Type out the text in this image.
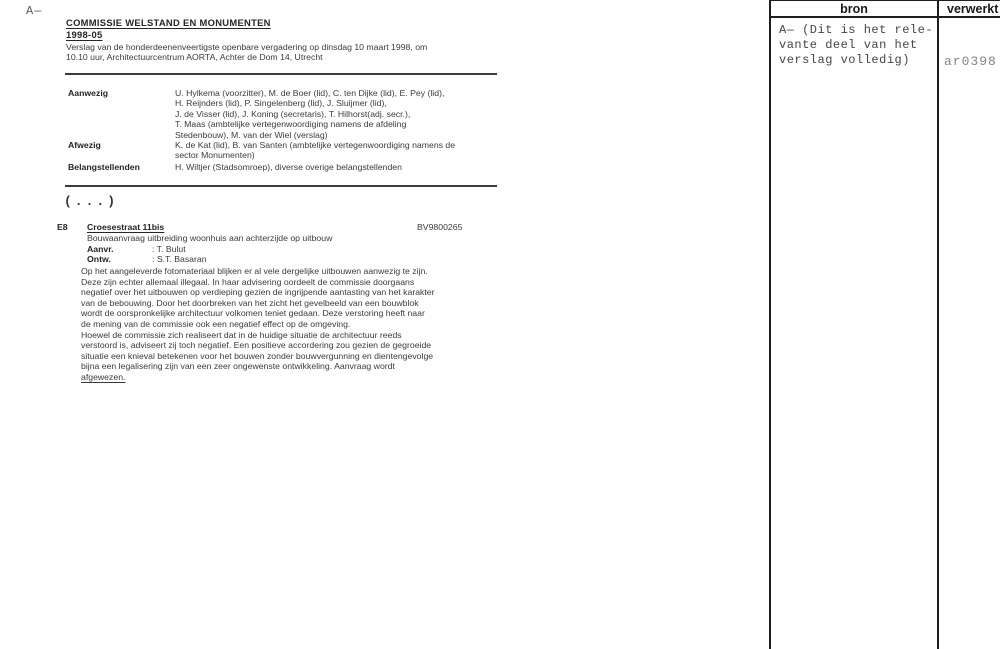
A—
COMMISSIE WELSTAND EN MONUMENTEN
1998-05
Verslag van de honderdeenenveertigste openbare vergadering op dinsdag 10 maart 1998, om
10.10 uur, Architectuurcentrum AORTA, Achter de Dom 14, Utrecht
Aanwezig	U. Hylkema (voorzitter), M. de Boer (lid), C. ten Dijke (lid), E. Pey (lid),
H. Reijnders (lid), P. Singelenberg (lid), J. Sluijmer (lid),
J. de Visser (lid), J. Koning (secretaris), T. Hilhorst(adj. secr.),
T. Maas (ambtelijke vertegenwoordiging namens de afdeling
Stedenbouw), M. van der Wiel (verslag)
Afwezig	K. de Kat (lid), B. van Santen (ambtelijke vertegenwoordiging namens de
sector Monumenten)
Belangstellenden	H. Wiltjer (Stadsomroep), diverse overige belangstellenden
(...)
E8 Croesestraat 11bis	BV9800265
Bouwaanvraag uitbreiding woonhuis aan achterzijde op uitbouw
Aanvr.	: T. Bulut
Ontw.	: S.T. Basaran
Op het aangeleverde fotomateriaal blijken er al vele dergelijke uitbouwen aanwezig te zijn.
Deze zijn echter allemaal illegaal. In haar advisering oordeelt de commissie doorgaans
negatief over het uitbouwen op verdieping gezien de ingrijpende aantasting van het karakter
van de bebouwing. Door het doorbreken van het zicht het gevelbeeld van een bouwblok
wordt de oorspronkelijke architectuur volkomen teniet gedaan. Deze verstoring heeft naar
de mening van de commissie ook een negatief effect op de omgeving.
Hoewel de commissie zich realiseert dat in de huidige situatie de architectuur reeds
verstoord is, adviseert zij toch negatief. Een positieve accordering zou gezien de gegroeide
situatie een knieval betekenen voor het bouwen zonder bouwvergunning en dientengevolge
bijna een legalisering zijn van een zeer ongewenste ontwikkeling. Aanvraag wordt
afgewezen.
bron	verwerkt
A— (Dit is het rele-
vante deel van het
verslag volledig)	ar0398
